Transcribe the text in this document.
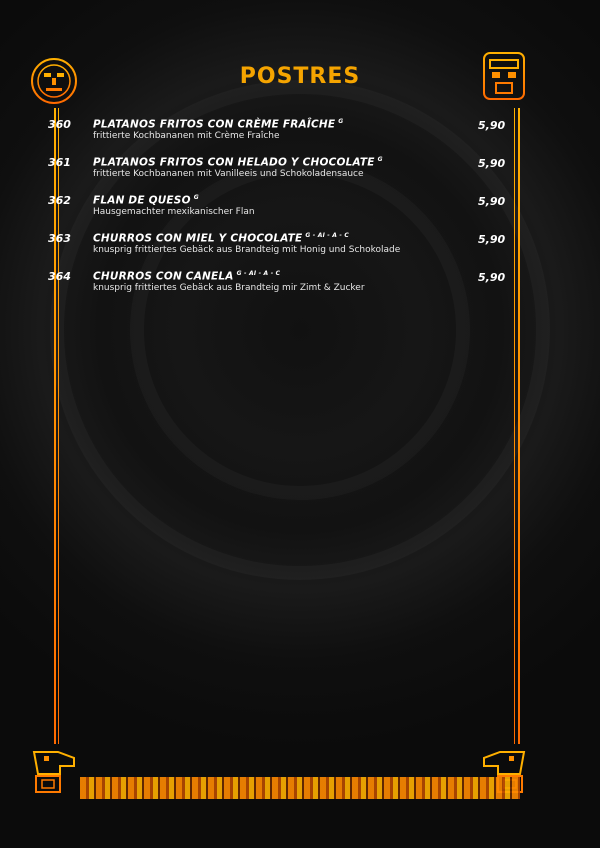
POSTRES
360 PLATANOS FRITOS CON CRÈME FRAÎCHE $^G$
frittierte Kochbananen mit Crème Fraîche
5,90
361 PLATANOS FRITOS CON HELADO Y CHOCOLATE $^G$
frittierte Kochbananen mit Vanilleeis und Schokoladensauce
5,90
362 FLAN DE QUESO $^G$
Hausgemachter mexikanischer Flan
5,90
363 CHURROS CON MIEL Y CHOCOLATE $^{G - AI - A - C}$
knusprig frittiertes Gebäck aus Brandteig mit Honig und Schokolade
5,90
364 CHURROS CON CANELA $^{G - AI - A - C}$
knusprig frittiertes Gebäck aus Brandteig mir Zimt & Zucker
5,90
